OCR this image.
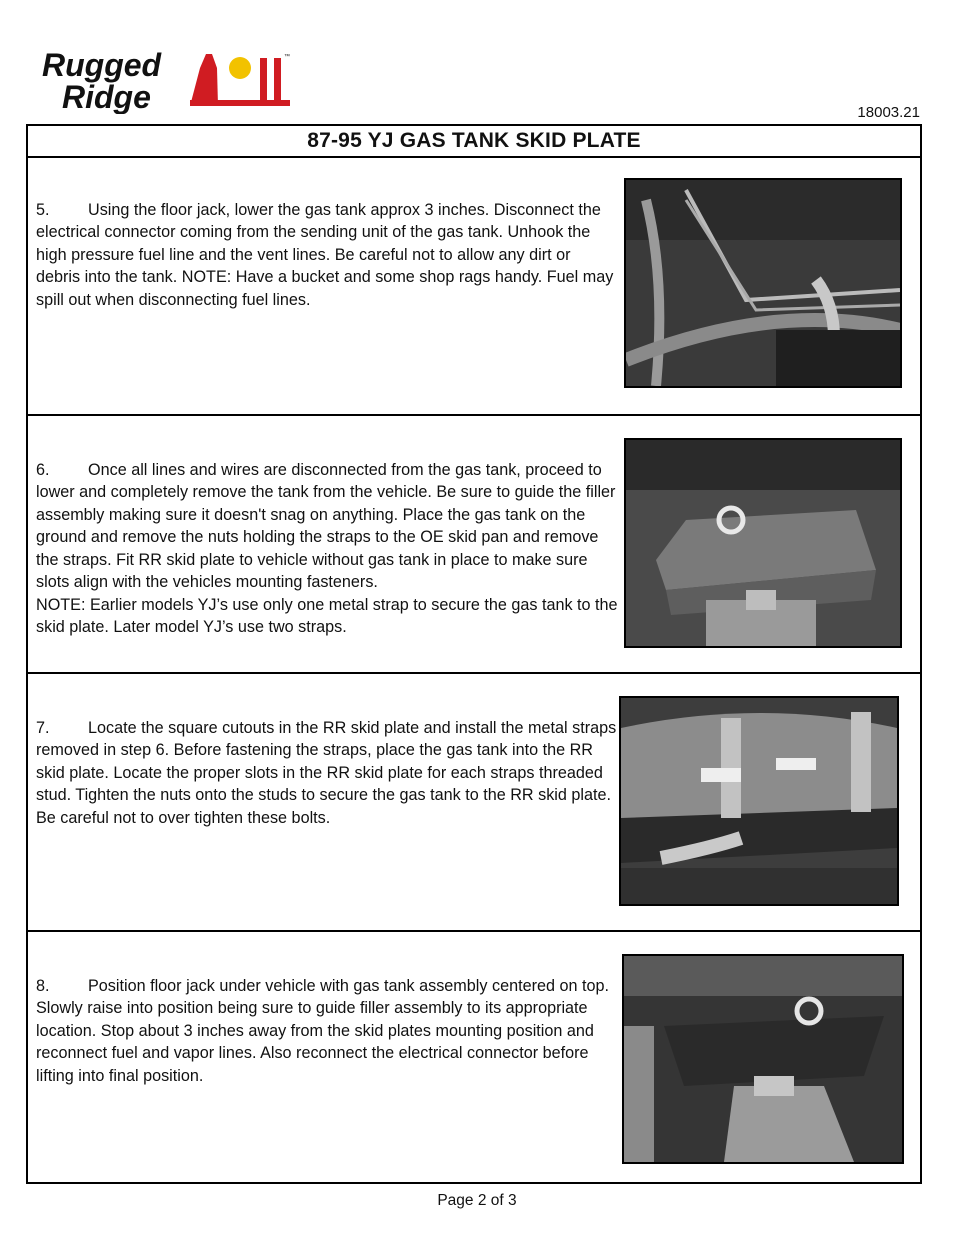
Rugged
Ridge
™
18003.21
87-95 YJ GAS TANK SKID PLATE

5. Using the floor jack, lower the gas tank approx 3 inches. Disconnect the electrical connector coming from the sending unit of the gas tank. Unhook the high pressure fuel line and the vent lines. Be careful not to allow any dirt or debris into the tank. NOTE: Have a bucket and some shop rags handy. Fuel may spill out when disconnecting fuel lines.

6. Once all lines and wires are disconnected from the gas tank, proceed to lower and completely remove the tank from the vehicle. Be sure to guide the filler assembly making sure it doesn't snag on anything. Place the gas tank on the ground and remove the nuts holding the straps to the OE skid pan and remove the straps. Fit RR skid plate to vehicle without gas tank in place to make sure slots align with the vehicles mounting fasteners.
NOTE: Earlier models YJ’s use only one metal strap to secure the gas tank to the skid plate. Later model YJ’s use two straps.

7. Locate the square cutouts in the RR skid plate and install the metal straps removed in step 6. Before fastening the straps, place the gas tank into the RR skid plate. Locate the proper slots in the RR skid plate for each straps threaded stud. Tighten the nuts onto the studs to secure the gas tank to the RR skid plate. Be careful not to over tighten these bolts.

8. Position floor jack under vehicle with gas tank assembly centered on top. Slowly raise into position being sure to guide filler assembly to its appropriate location. Stop about 3 inches away from the skid plates mounting position and reconnect fuel and vapor lines. Also reconnect the electrical connector before lifting into final position.

Page 2 of 3
